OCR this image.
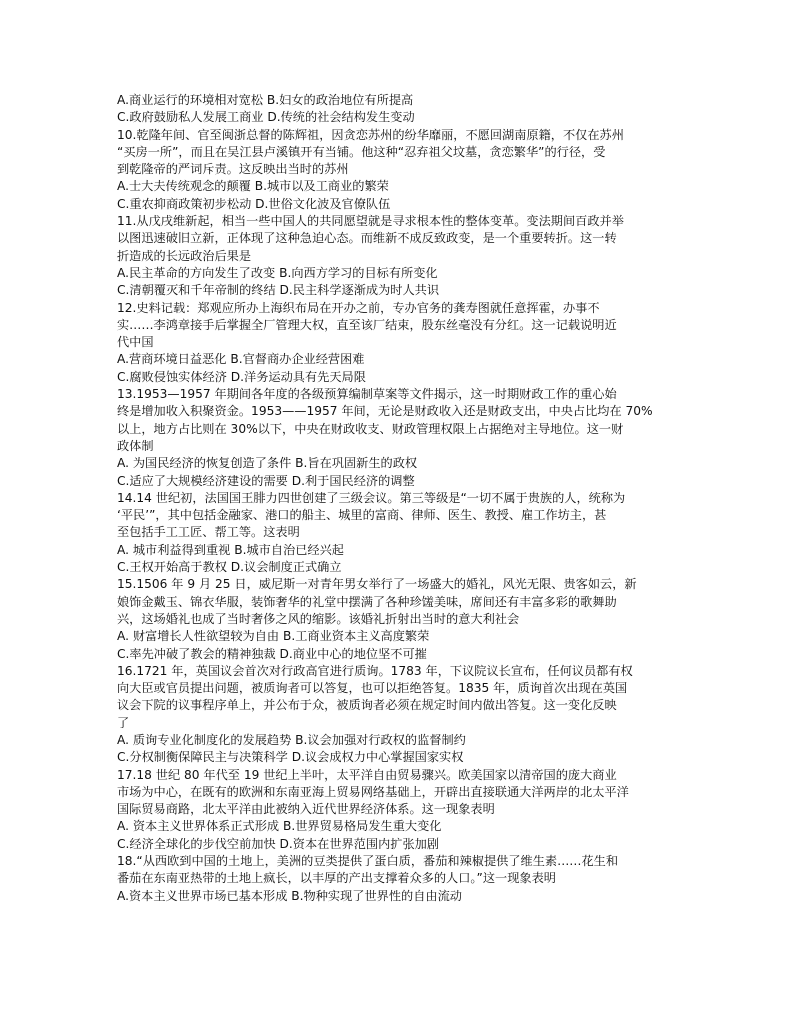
A.商业运行的环境相对宽松 B.妇女的政治地位有所提高
C.政府鼓励私人发展工商业 D.传统的社会结构发生变动
10.乾隆年间、官至闽浙总督的陈辉祖，因贪恋苏州的纷华靡丽，不愿回湖南原籍，不仅在苏州
“买房一所”，而且在吴江县卢溪镇开有当铺。他这种“忍弃祖父坟墓，贪恋繁华”的行径，受
到乾隆帝的严词斥责。这反映出当时的苏州
A.士大夫传统观念的颠覆 B.城市以及工商业的繁荣
C.重农抑商政策初步松动 D.世俗文化波及官僚队伍
11.从戊戌维新起，相当一些中国人的共同愿望就是寻求根本性的整体变革。变法期间百政并举
以图迅速破旧立新，正体现了这种急迫心态。而维新不成反致政变，是一个重要转折。这一转
折造成的长远政治后果是
A.民主革命的方向发生了改变 B.向西方学习的目标有所变化
C.清朝覆灭和千年帝制的终结 D.民主科学逐渐成为时人共识
12.史料记载：郑观应所办上海织布局在开办之前，专办官务的龚寿图就任意挥霍，办事不
实……李鸿章接手后掌握全厂管理大权，直至该厂结束，股东丝毫没有分红。这一记载说明近
代中国
A.营商环境日益恶化 B.官督商办企业经营困难
C.腐败侵蚀实体经济 D.洋务运动具有先天局限
13.1953—1957 年期间各年度的各级预算编制草案等文件揭示，这一时期财政工作的重心始
终是增加收入积聚资金。1953——1957 年间，无论是财政收入还是财政支出，中央占比均在 70%
以上，地方占比则在 30%以下，中央在财政收支、财政管理权限上占据绝对主导地位。这一财
政体制
A. 为国民经济的恢复创造了条件 B.旨在巩固新生的政权
C.适应了大规模经济建设的需要 D.利于国民经济的调整
14.14 世纪初，法国国王腓力四世创建了三级会议。第三等级是“一切不属于贵族的人，统称为
‘平民’”，其中包括金融家、港口的船主、城里的富商、律师、医生、教授、雇工作坊主，甚
至包括手工工匠、帮工等。这表明
A. 城市利益得到重视 B.城市自治已经兴起
C.王权开始高于教权 D.议会制度正式确立
15.1506 年 9 月 25 日，威尼斯一对青年男女举行了一场盛大的婚礼，风光无限、贵客如云，新
娘饰金戴玉、锦衣华服，装饰奢华的礼堂中摆满了各种珍馐美味，席间还有丰富多彩的歌舞助
兴，这场婚礼也成了当时奢侈之风的缩影。该婚礼折射出当时的意大利社会
A. 财富增长人性欲望较为自由 B.工商业资本主义高度繁荣
C.率先冲破了教会的精神独裁 D.商业中心的地位坚不可摧
16.1721 年，英国议会首次对行政高官进行质询。1783 年，下议院议长宣布，任何议员都有权
向大臣或官员提出问题，被质询者可以答复，也可以拒绝答复。1835 年，质询首次出现在英国
议会下院的议事程序单上，并公布于众，被质询者必须在规定时间内做出答复。这一变化反映
了
A. 质询专业化制度化的发展趋势 B.议会加强对行政权的监督制约
C.分权制衡保障民主与决策科学 D.议会成权力中心掌握国家实权
17.18 世纪 80 年代至 19 世纪上半叶，太平洋自由贸易骤兴。欧美国家以清帝国的庞大商业
市场为中心，在既有的欧洲和东南亚海上贸易网络基础上，开辟出直接联通大洋两岸的北太平洋
国际贸易商路，北太平洋由此被纳入近代世界经济体系。这一现象表明
A. 资本主义世界体系正式形成 B.世界贸易格局发生重大变化
C.经济全球化的步伐空前加快 D.资本在世界范围内扩张加剧
18.“从西欧到中国的土地上，美洲的豆类提供了蛋白质，番茄和辣椒提供了维生素……花生和
番茄在东南亚热带的土地上疯长，以丰厚的产出支撑着众多的人口。”这一现象表明
A.资本主义世界市场已基本形成 B.物种实现了世界性的自由流动
